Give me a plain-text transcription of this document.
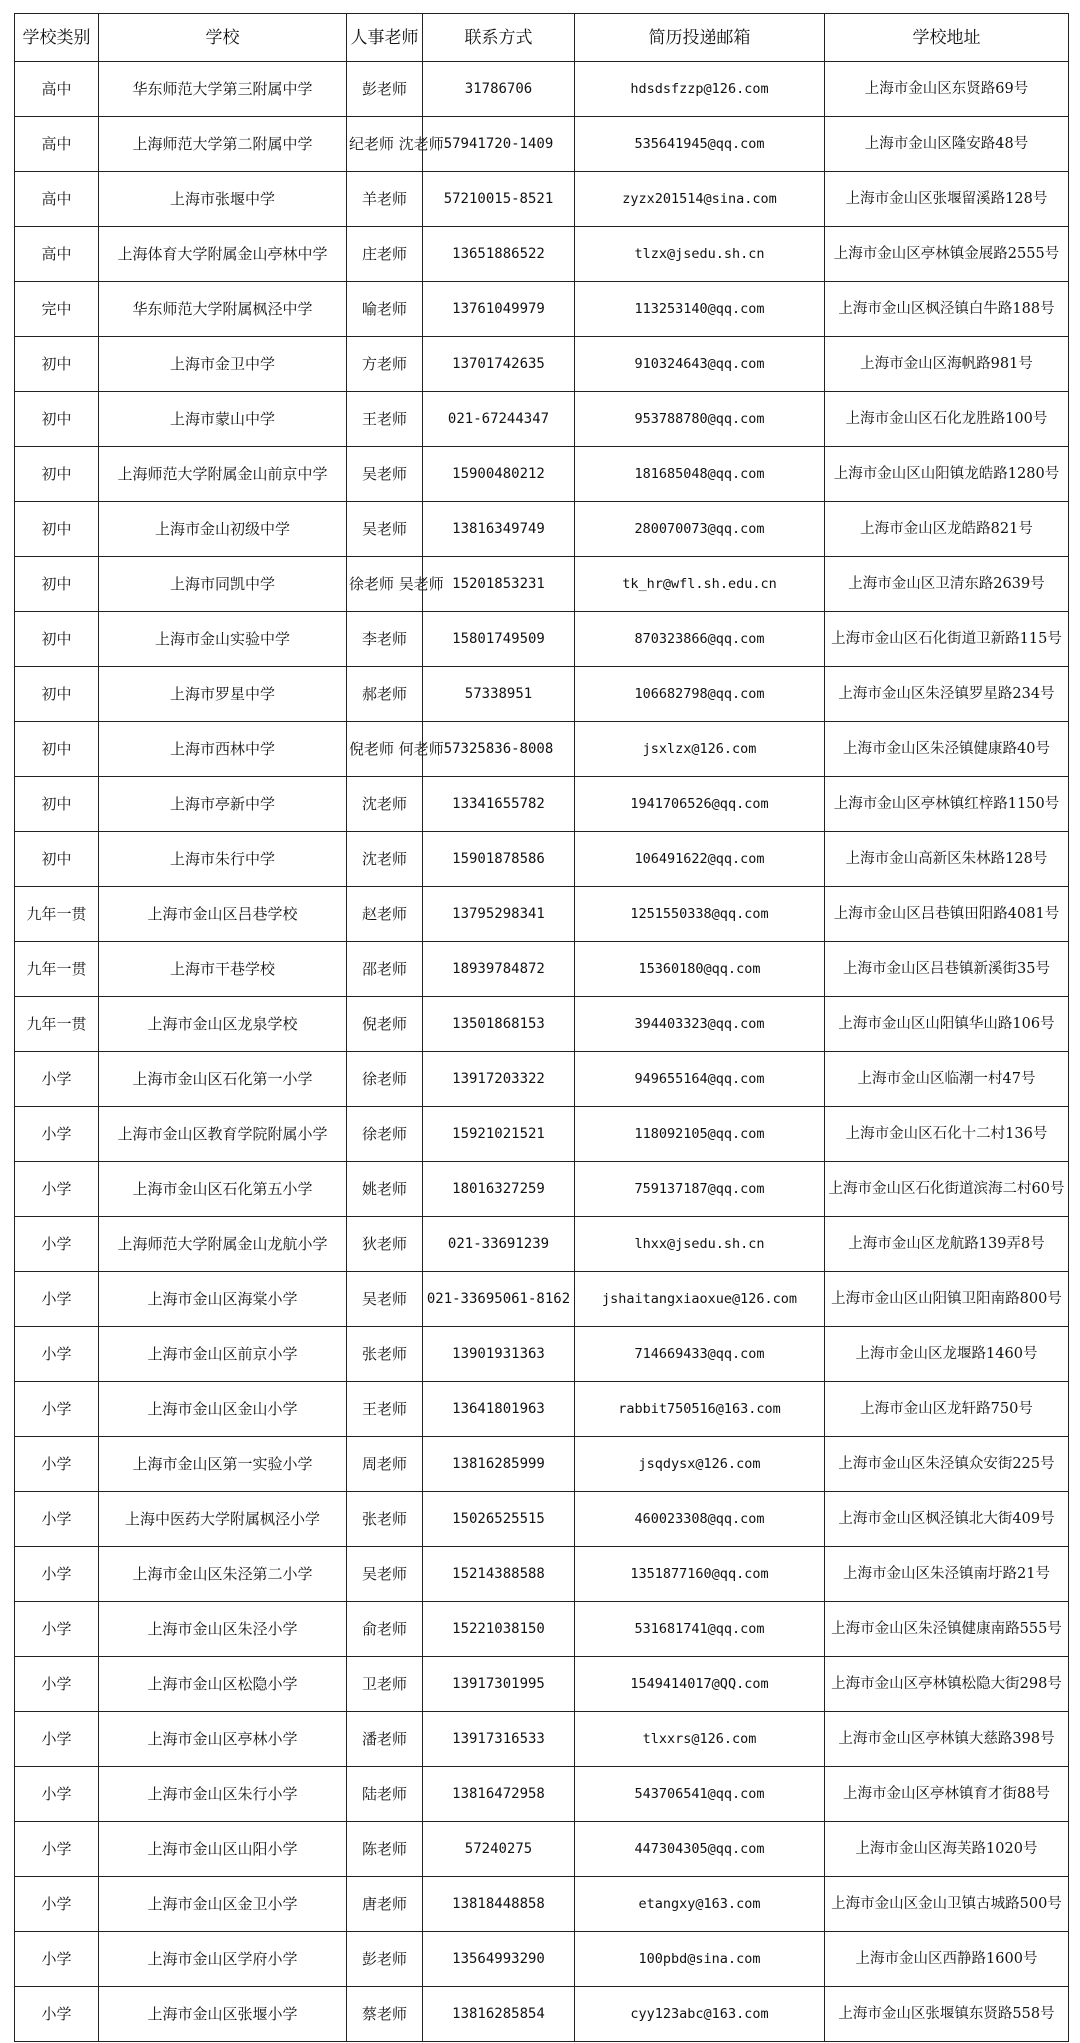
学校类别	学校	人事老师	联系方式	简历投递邮箱	学校地址
高中	华东师范大学第三附属中学	彭老师	31786706	hdsdsfzzp@126.com	上海市金山区东贤路69号
高中	上海师范大学第二附属中学	纪老师 沈老师	57941720-1409	535641945@qq.com	上海市金山区隆安路48号
高中	上海市张堰中学	羊老师	57210015-8521	zyzx201514@sina.com	上海市金山区张堰留溪路128号
高中	上海体育大学附属金山亭林中学	庄老师	13651886522	tlzx@jsedu.sh.cn	上海市金山区亭林镇金展路2555号
完中	华东师范大学附属枫泾中学	喻老师	13761049979	113253140@qq.com	上海市金山区枫泾镇白牛路188号
初中	上海市金卫中学	方老师	13701742635	910324643@qq.com	上海市金山区海帆路981号
初中	上海市蒙山中学	王老师	021-67244347	953788780@qq.com	上海市金山区石化龙胜路100号
初中	上海师范大学附属金山前京中学	吴老师	15900480212	181685048@qq.com	上海市金山区山阳镇龙皓路1280号
初中	上海市金山初级中学	吴老师	13816349749	280070073@qq.com	上海市金山区龙皓路821号
初中	上海市同凯中学	徐老师 吴老师	15201853231	tk_hr@wfl.sh.edu.cn	上海市金山区卫清东路2639号
初中	上海市金山实验中学	李老师	15801749509	870323866@qq.com	上海市金山区石化街道卫新路115号
初中	上海市罗星中学	郝老师	57338951	106682798@qq.com	上海市金山区朱泾镇罗星路234号
初中	上海市西林中学	倪老师 何老师	57325836-8008	jsxlzx@126.com	上海市金山区朱泾镇健康路40号
初中	上海市亭新中学	沈老师	13341655782	1941706526@qq.com	上海市金山区亭林镇红梓路1150号
初中	上海市朱行中学	沈老师	15901878586	106491622@qq.com	上海市金山高新区朱林路128号
九年一贯	上海市金山区吕巷学校	赵老师	13795298341	1251550338@qq.com	上海市金山区吕巷镇田阳路4081号
九年一贯	上海市干巷学校	邵老师	18939784872	15360180@qq.com	上海市金山区吕巷镇新溪街35号
九年一贯	上海市金山区龙泉学校	倪老师	13501868153	394403323@qq.com	上海市金山区山阳镇华山路106号
小学	上海市金山区石化第一小学	徐老师	13917203322	949655164@qq.com	上海市金山区临潮一村47号
小学	上海市金山区教育学院附属小学	徐老师	15921021521	118092105@qq.com	上海市金山区石化十二村136号
小学	上海市金山区石化第五小学	姚老师	18016327259	759137187@qq.com	上海市金山区石化街道滨海二村60号
小学	上海师范大学附属金山龙航小学	狄老师	021-33691239	lhxx@jsedu.sh.cn	上海市金山区龙航路139弄8号
小学	上海市金山区海棠小学	吴老师	021-33695061-8162	jshaitangxiaoxue@126.com	上海市金山区山阳镇卫阳南路800号
小学	上海市金山区前京小学	张老师	13901931363	714669433@qq.com	上海市金山区龙堰路1460号
小学	上海市金山区金山小学	王老师	13641801963	rabbit750516@163.com	上海市金山区龙轩路750号
小学	上海市金山区第一实验小学	周老师	13816285999	jsqdysx@126.com	上海市金山区朱泾镇众安街225号
小学	上海中医药大学附属枫泾小学	张老师	15026525515	460023308@qq.com	上海市金山区枫泾镇北大街409号
小学	上海市金山区朱泾第二小学	吴老师	15214388588	1351877160@qq.com	上海市金山区朱泾镇南圩路21号
小学	上海市金山区朱泾小学	俞老师	15221038150	531681741@qq.com	上海市金山区朱泾镇健康南路555号
小学	上海市金山区松隐小学	卫老师	13917301995	1549414017@QQ.com	上海市金山区亭林镇松隐大街298号
小学	上海市金山区亭林小学	潘老师	13917316533	tlxxrs@126.com	上海市金山区亭林镇大慈路398号
小学	上海市金山区朱行小学	陆老师	13816472958	543706541@qq.com	上海市金山区亭林镇育才街88号
小学	上海市金山区山阳小学	陈老师	57240275	447304305@qq.com	上海市金山区海芙路1020号
小学	上海市金山区金卫小学	唐老师	13818448858	etangxy@163.com	上海市金山区金山卫镇古城路500号
小学	上海市金山区学府小学	彭老师	13564993290	100pbd@sina.com	上海市金山区西静路1600号
小学	上海市金山区张堰小学	蔡老师	13816285854	cyy123abc@163.com	上海市金山区张堰镇东贤路558号
